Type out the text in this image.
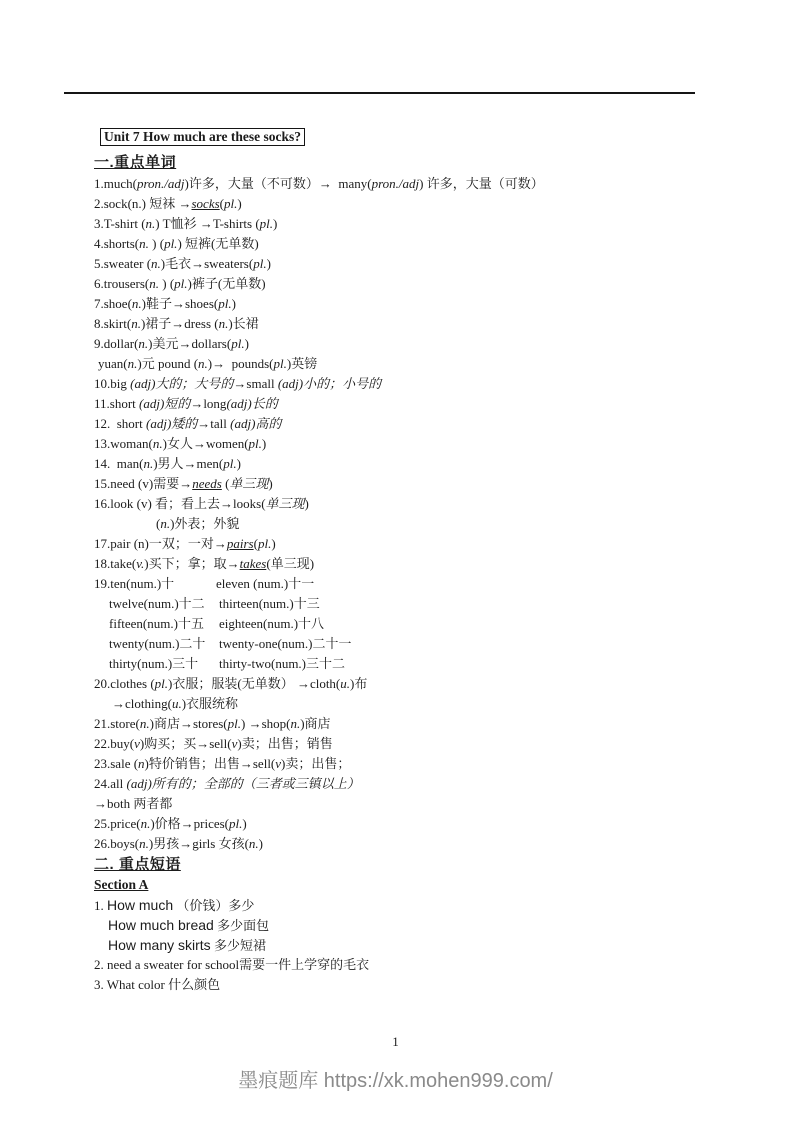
Unit 7 How much are these socks?
一.重点单词
1.much(pron./adj)许多，大量（不可数）→  many(pron./adj) 许多，大量（可数）
2.sock(n.) 短袜 →socks(pl.)
3.T-shirt (n.) T恤衫 →T-shirts (pl.)
4.shorts(n. ) (pl.) 短裤(无单数)
5.sweater (n.)毛衣→sweaters(pl.)
6.trousers(n. ) (pl.)裤子(无单数)
7.shoe(n.)鞋子→shoes(pl.)
8.skirt(n.)裙子→dress (n.)长裙
9.dollar(n.)美元→dollars(pl.)
yuan(n.)元 pound (n.)→  pounds(pl.)英镑
10.big (adj)大的；大号的→small (adj)小的；小号的
11.short (adj)短的→long(adj)长的
12.  short (adj)矮的→tall (adj)高的
13.woman(n.)女人→women(pl.)
14.  man(n.)男人→men(pl.)
15.need (v)需要→needs (单三现)
16.look (v) 看；看上去→looks(单三现)
(n.)外表；外貌
17.pair (n)一双；一对→pairs(pl.)
18.take(v.)买下；拿；取→takes(单三现)
19.ten(num.)十	eleven (num.)十一
twelve(num.)十二 thirteen(num.)十三
fifteen(num.)十五 eighteen(num.)十八
twenty(num.)二十 twenty-one(num.)二十一
thirty(num.)三十 thirty-two(num.)三十二
20.clothes (pl.)衣服；服装(无单数） →cloth(u.)布
→clothing(u.)衣服统称
21.store(n.)商店→stores(pl.) →shop(n.)商店
22.buy(v)购买；买→sell(v)卖；出售；销售
23.sale (n)特价销售；出售→sell(v)卖；出售；
24.all (adj)所有的；全部的（三者或三镇以上）
→both 两者都
25.price(n.)价格→prices(pl.)
26.boys(n.)男孩→girls 女孩(n.)
二. 重点短语
Section A
1. How much （价钱）多少
How much bread 多少面包
How many skirts 多少短裙
2. need a sweater for school需要一件上学穿的毛衣
3. What color 什么颜色
1
墨痕题库 https://xk.mohen999.com/
